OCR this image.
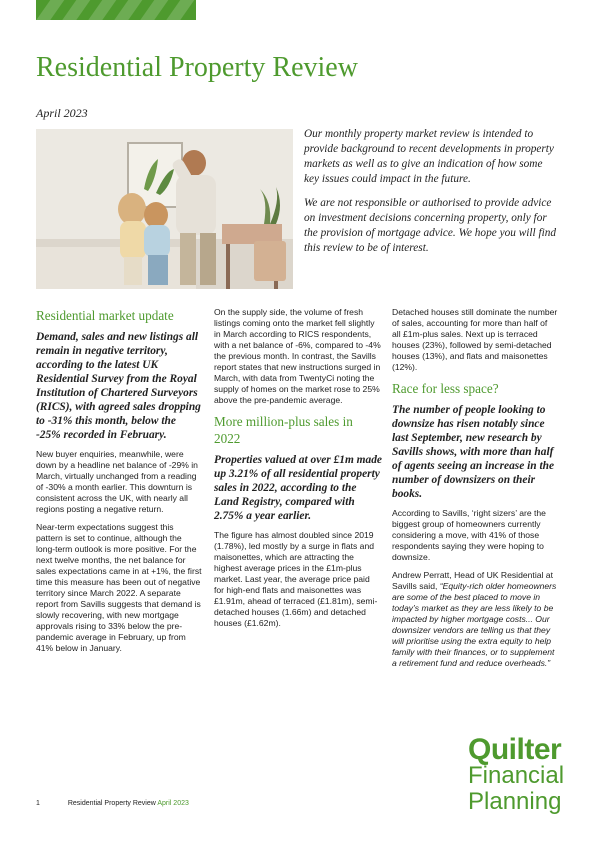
Residential Property Review
April 2023

Our monthly property market review is intended to provide background to recent developments in property markets as well as to give an indication of how some key issues could impact in the future.

We are not responsible or authorised to provide advice on investment decisions concerning property, only for the provision of mortgage advice. We hope you will find this review to be of interest.

Residential market update

Demand, sales and new listings all remain in negative territory, according to the latest UK Residential Survey from the Royal Institution of Chartered Surveyors (RICS), with agreed sales dropping to -31% this month, below the -25% recorded in February.

New buyer enquiries, meanwhile, were down by a headline net balance of -29% in March, virtually unchanged from a reading of -30% a month earlier. This downturn is consistent across the UK, with nearly all regions posting a negative return.

Near-term expectations suggest this pattern is set to continue, although the long-term outlook is more positive. For the next twelve months, the net balance for sales expectations came in at +1%, the first time this measure has been out of negative territory since March 2022. A separate report from Savills suggests that demand is slowly recovering, with new mortgage approvals rising to 33% below the pre-pandemic average in February, up from 41% below in January.

On the supply side, the volume of fresh listings coming onto the market fell slightly in March according to RICS respondents, with a net balance of -6%, compared to -4% the previous month. In contrast, the Savills report states that new instructions surged in March, with data from TwentyCi noting the supply of homes on the market rose to 25% above the pre-pandemic average.

More million-plus sales in 2022

Properties valued at over £1m made up 3.21% of all residential property sales in 2022, according to the Land Registry, compared with 2.75% a year earlier.

The figure has almost doubled since 2019 (1.78%), led mostly by a surge in flats and maisonettes, which are attracting the highest average prices in the £1m-plus market. Last year, the average price paid for high-end flats and maisonettes was £1.91m, ahead of terraced (£1.81m), semi-detached houses (1.66m) and detached houses (£1.62m).

Detached houses still dominate the number of sales, accounting for more than half of all £1m-plus sales. Next up is terraced houses (23%), followed by semi-detached houses (13%), and flats and maisonettes (12%).

Race for less space?

The number of people looking to downsize has risen notably since last September, new research by Savills shows, with more than half of agents seeing an increase in the number of downsizers on their books.

According to Savills, ‘right sizers’ are the biggest group of homeowners currently considering a move, with 41% of those respondents saying they were hoping to downsize.

Andrew Perratt, Head of UK Residential at Savills said, “Equity-rich older homeowners are some of the best placed to move in today’s market as they are less likely to be impacted by higher mortgage costs... Our downsizer vendors are telling us that they will prioritise using the extra equity to help family with their finances, or to supplement a retirement fund and reduce overheads.”

Quilter
Financial
Planning
1	Residential Property Review April 2023
